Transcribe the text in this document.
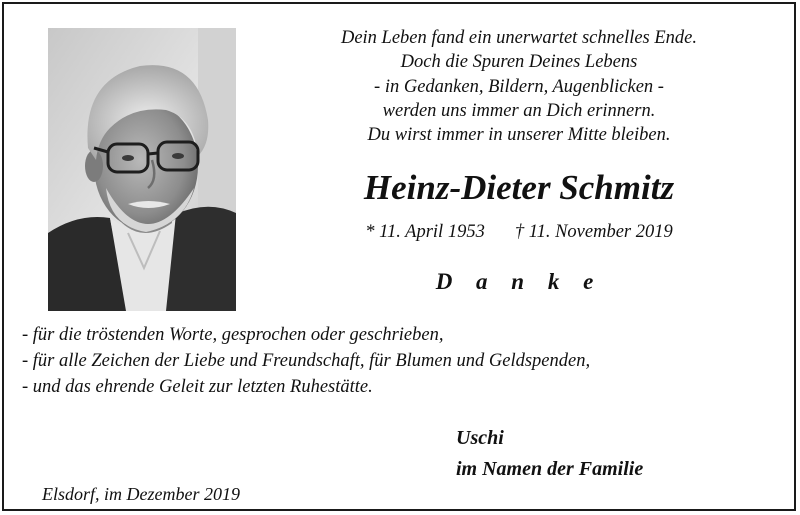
Dein Leben fand ein unerwartet schnelles Ende.
Doch die Spuren Deines Lebens
- in Gedanken, Bildern, Augenblicken -
werden uns immer an Dich erinnern.
Du wirst immer in unserer Mitte bleiben.
Heinz-Dieter Schmitz
* 11. April 1953 † 11. November 2019
D a n k e
- für die tröstenden Worte, gesprochen oder geschrieben,
- für alle Zeichen der Liebe und Freundschaft, für Blumen und Geldspenden,
- und das ehrende Geleit zur letzten Ruhestätte.
Uschi
im Namen der Familie
Elsdorf, im Dezember 2019
